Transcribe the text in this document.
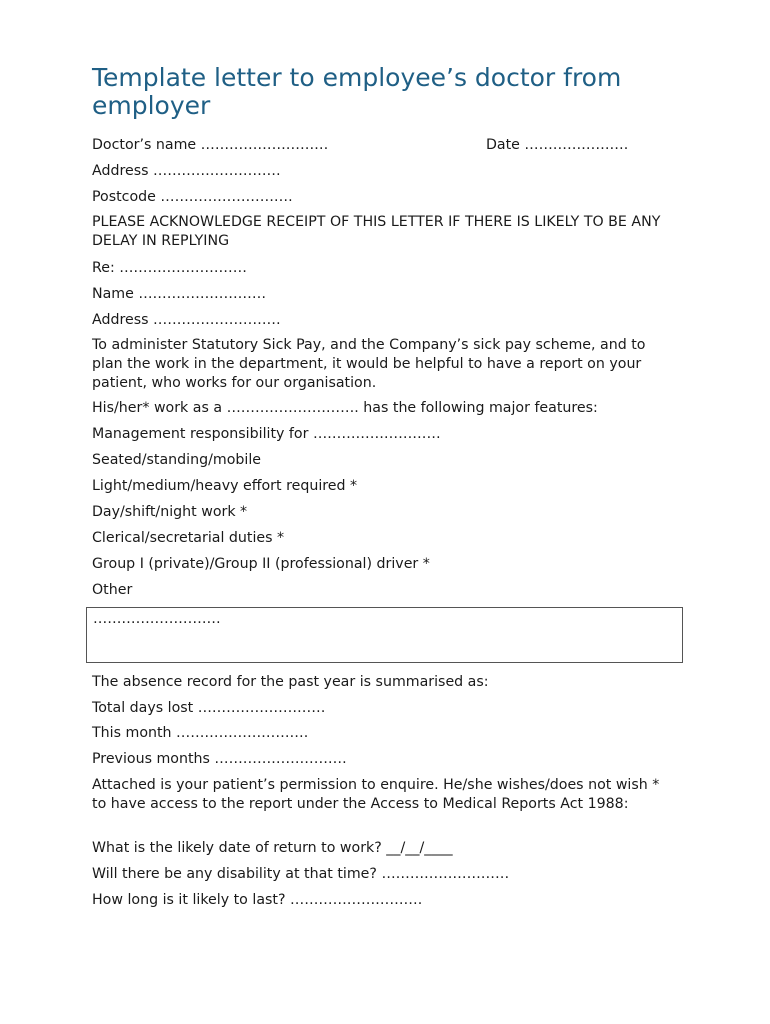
Template letter to employee’s doctor from employer
Doctor’s name ………………………	Date ………………….
Address ………………………
Postcode ……………………….
PLEASE ACKNOWLEDGE RECEIPT OF THIS LETTER IF THERE IS LIKELY TO BE ANY DELAY IN REPLYING
Re: ………………………
Name ………………………
Address ………………………
To administer Statutory Sick Pay, and the Company’s sick pay scheme, and to plan the work in the department, it would be helpful to have a report on your patient, who works for our organisation.
His/her* work as a ………………………. has the following major features:
Management responsibility for ………………………
Seated/standing/mobile
Light/medium/heavy effort required *
Day/shift/night work *
Clerical/secretarial duties *
Group I (private)/Group II (professional) driver *
Other
………………………
The absence record for the past year is summarised as:
Total days lost ………………………
This month ……………………….
Previous months ……………………….
Attached is your patient’s permission to enquire. He/she wishes/does not wish * to have access to the report under the Access to Medical Reports Act 1988:
What is the likely date of return to work? __/__/____
Will there be any disability at that time? ………………………
How long is it likely to last? ……………………….
